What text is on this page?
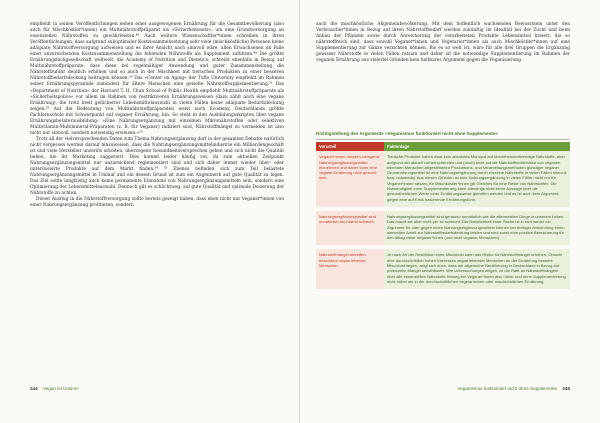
empfiehlt in seinen Veröffentlichungen neben einer ausgewogenen Ernährung für die Gesamtbevölkerung (also auch für Mischköstler*innen) ein Multinährstoffpräparat als »Sicherheitsnetz«, um eine Grundversorgung an essenziellen Nährstoffen zu gewährleisten.⁴⁸ Auch weitere Wissenschaftler*innen schreiben in ihren Veröffentlichungen, dass aufgrund suboptimaler Kostzusammensetzung sehr viele (mischköstliche) Personen keine adäquate Nährstoffversorgung aufweisen und es ihrer Ansicht nach sinnvoll wäre, allen Erwachsenen im Falle einer unzureichenden Kostzusammenstellung die fehlenden Nährstoffe als Supplement zuführen.⁴⁹ Die größte Ernährungsfachgesellschaft weltweit, die Academy of Nutrition and Dietetics, schreibt ebenfalls in Bezug auf Multinährstoffpräparate, dass diese bei regelmäßiger Anwendung und guter Zusammenstellung die Nährstoffzufuhr deutlich erhöhen und so auch in der Mischkost mit tierischen Produkten zu einer besseren Nährstoffbedarfsdeckung beitragen können.⁵⁰ Das »Center on Aging« der Tufts University empfiehlt im Rahmen seiner Ernährungspyramide zumindest für ältere Menschen eine gezielte Nährstoffsupplementierung.⁵¹ Das »Department of Nutrition« der Harvard T. H. Chan School of Public Health empfiehlt Multinährstoffpräparate als »Sicherheitspolice« vor allem im Rahmen von restriktiveren Ernährungsweisen (dazu zählt auch eine vegane Ernährung), die trotz breit gefächerter Lebensmittelauswahl in vielen Fällen keine adäquate Bedarfsdeckung zeigen.⁵² Auf die Bedeutung von Multinährstoffpräparaten weist auch Ecodemy, Deutschlands größte Fachfernschule mit Schwerpunkt auf veganer Ernährung, hin. So steht in den Ausbildungsskripten über vegane Ernährungsberaterausbildung: »Eine Nahrungsergänzung mit einzelnen Mikronährstoffen oder selektiven Multivitamin-Multimineral-Präparaten (z. B. für Veganer) indiziert sind, Nährstoffmängel zu vermeiden ist also nicht nur sinnvoll, sondern notwendig erweisen.«⁵³

Trotz all der vielversprechenden Daten zum Thema Nahrungsergänzung darf in der gesamten Debatte natürlich nicht vergessen werden darauf hinzuweisen, dass die Nahrungsergänzungsmittelindustrie ein Milliardengeschäft ist und viele Hersteller unseriös arbeiten, überzogene Gesundheitsversprechen geben und sich nicht die Qualität ließen, die ihr Marketing suggeriert. Dies kommt leider häufig vor, da zum aktuellen Zeitpunkt Nahrungsergänzungsmittel nur unzureichend reglementiert sind und sich daher immer wieder über- oder unterdosierte Produkte auf dem Markt finden.⁵⁴ ⁵⁵ Ebenso befinden sich zum Teil belastete Nahrungsergänzungsmittel in Umlauf und ein dessen Grund ist zum ein Augenmerk auf gute Qualität zu legen. Das Ziel sollte langfristig auch keine permanente Einnahme von Nahrungsergänzungsmitteln sein, sondern eine Optimierung der Lebensmittelauswahl. Dennoch gilt es schlichtweg, auf gute Qualität und optimale Dosierung der Nährstoffe zu achten.

Dieser Ausflug in die Nährstoffversorgung sollte bereits gezeigt haben, dass eben nicht nur Veganer*innen von einer Nahrungsergänzung profitieren, sondern

244 Vegan ist Unsinn!

auch die mischköstliche Allgemeinbevölkerung. Mit dem hoffentlich wachsenden Bewusstsein unter den Verbraucher*innen in Bezug auf ihren Nährstoffbedarf werden zukünftig im Idealfall bei der Zucht und beim Anbau der Pflanzen sowie durch Anreicherung der verarbeiteten Produkte Lebensmittel kreiert, die so nährstoffreich sind, dass sowohl Veganer*innen und Vegetarier*innen als auch Mischköstler*innen auf eine Supplementierung zur Gänze verzichten können. Bis es so weit ist, wäre für alle drei Gruppen die Ergänzung gewisser Nährstoffe in vielen Fällen ratsam und daher ist die notwendige Supplementierung im Rahmen der veganen Ernährung aus vielerlei Gründen kein haltbares Argument gegen die Veganisierung.

Richtigstellung des Arguments »Veganismus funktioniert nicht ohne Supplemente«
Vorurteil	Faktenlage
Veganer*innen müssen zwingend Nahrungsergänzungsmittel einnehmen und daher kann eine vegane Ernährung nicht gesund sein.	Tierische Produkte haben zwar kein absolutes Monopol auf überlebensnotwendige Nährstoffe, aber aufgrund der aktuell vorherrschenden und (noch) nicht auf die Nährstoffbedürfnisse von veganen lebenden Menschen abgestimmten Produktions- und Verarbeitungsmethoden günstiger veganer Grundnahrungsmittel ist eine Nahrungsergänzung durch einzelne Nährstoffe in vielen Fällen sinnvoll bzw. notwendig. Aus diesen Gründen ist eine Nahrungsergänzung in vielen Fällen nicht nur für Veganer*innen ratsam, für Mischköstler*innen gilt Gleiches für eine Reihe von Nährstoffen. Die Notwendigkeit einer Supplementierung kann allerdings nicht keine Aussage über die gesundheitlichen Werte einer Ernährungsweise getroffen werden und es ist auch kein Argument gegen eine auf Ethik basierende Ernährungsform.
Nahrungsergänzungsmittel sind unnatürlich und damit schlecht.	Nahrungsergänzungsmittel sind genauso unnatürlich wie die allermeisten Dinge in unserem Leben. Das macht sie aber nicht per se schlecht. Die Natürlichkeit einer Sache ist in sich weder ein Argument für oder gegen einen Nahrungsergänzungsmitteln können bei richtiger Anwendung einen wertvollen Anteil zur Nährstoffbedarfsdeckung leisten und sind somit eine positive Bereicherung für den Alltag vieler Veganer*innen (und nicht veganer Menschen).
Nährstoffmängel betreffen besonders vegan lebende Menschen.	Je nach Art der Restriktion einer Mischkost kann das Risiko für Nährstoffmängel erhöhen. Obwohl eine durchschnittlich hohen Interesses vegan lebender Menschen an der Ernährung bessere Mischkost liegen, zeigt sich doch, dass die allgemeine Bevölkerung in Deutschland in Bezug auf potenzielle Mängel sensibilisiert. Wie Untersuchungen zeigen, ist die Rate an Nährstoffmängeln über alle essenziellen Nährstoffe hinweg bei Veganer*innen also höher und ohne Supplementierung nicht höher als in der durchschnittlichen vegetarischen oder mischköstlichen Ernährung.
Veganismus funktioniert nicht ohne Supplemente 245
